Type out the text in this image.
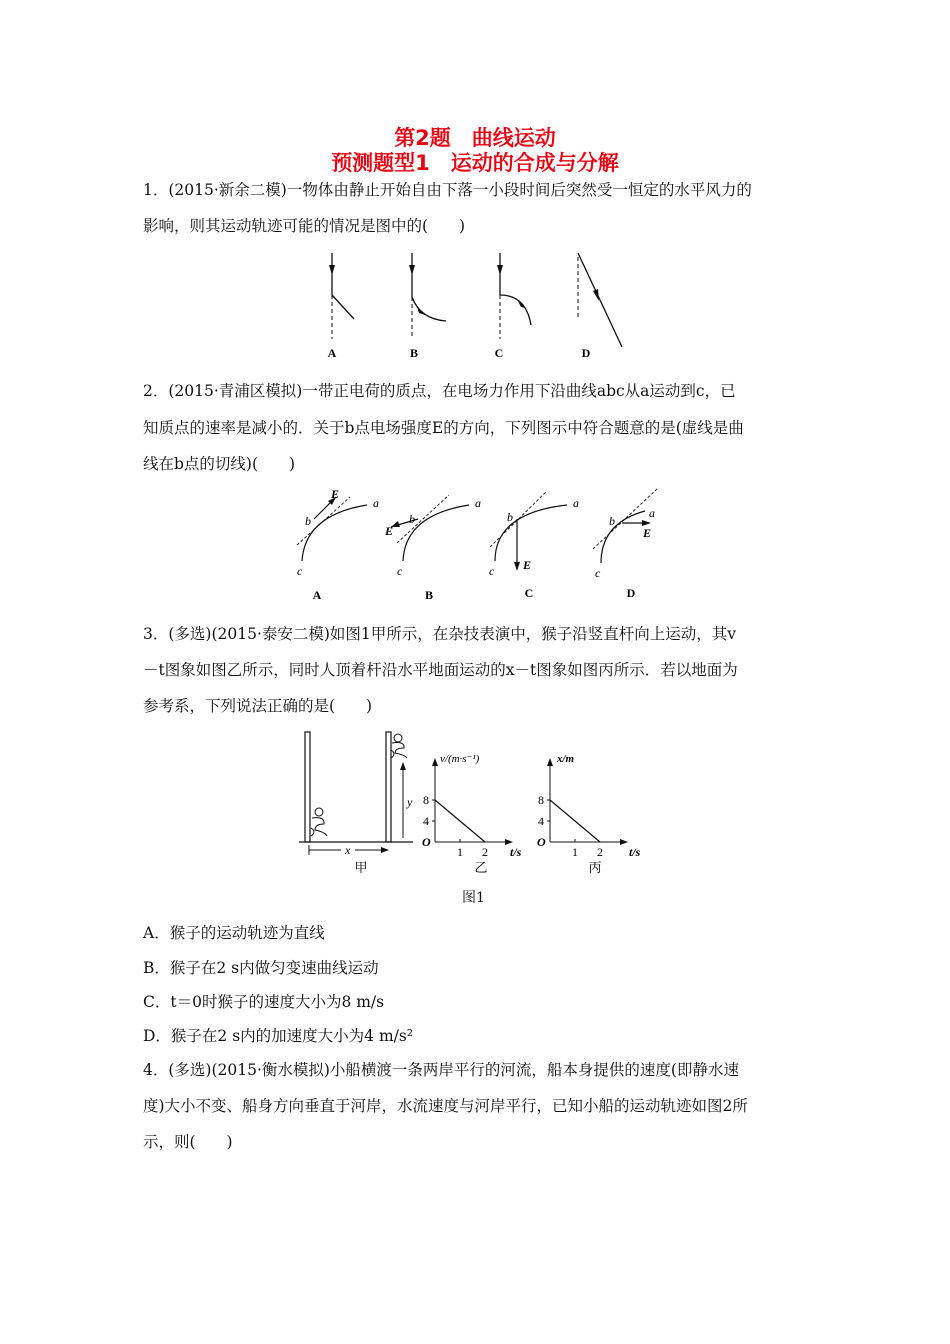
第2题　曲线运动
预测题型1　运动的合成与分解
1．(2015·新余二模)一物体由静止开始自由下落一小段时间后突然受一恒定的水平风力的
影响，则其运动轨迹可能的情况是图中的(　　)
A	B	C	D
2．(2015·青浦区模拟)一带正电荷的质点，在电场力作用下沿曲线abc从a运动到c，已
知质点的速率是减小的．关于b点电场强度E的方向，下列图示中符合题意的是(虚线是曲
线在b点的切线)(　　)
E
a
b
c
A
E
a
b
c
B
E
a
b
c
C
E
a
b
c
D
3．(多选)(2015·泰安二模)如图1甲所示，在杂技表演中，猴子沿竖直杆向上运动，其v
－t图象如图乙所示，同时人顶着杆沿水平地面运动的x－t图象如图丙所示．若以地面为
参考系，下列说法正确的是(　　)
y
x
甲
v/(m·s⁻¹)
8
4
O
1 2 t/s
乙
x/m
8
4
O
1 2 t/s
丙
图1
A．猴子的运动轨迹为直线
B．猴子在2 s内做匀变速曲线运动
C．t＝0时猴子的速度大小为8 m/s
D．猴子在2 s内的加速度大小为4 m/s²
4．(多选)(2015·衡水模拟)小船横渡一条两岸平行的河流，船本身提供的速度(即静水速
度)大小不变、船身方向垂直于河岸，水流速度与河岸平行，已知小船的运动轨迹如图2所
示，则(　　)
